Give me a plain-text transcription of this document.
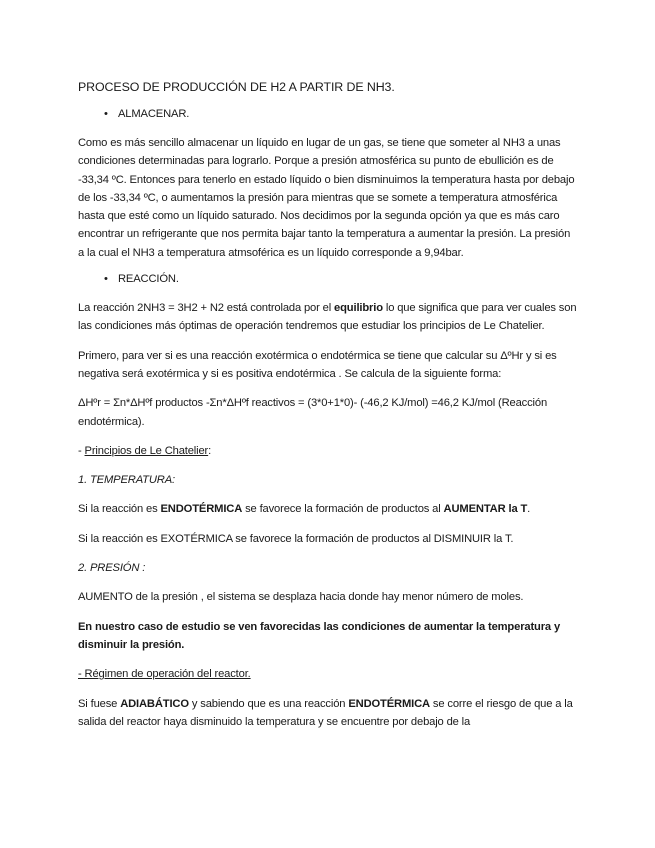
PROCESO DE PRODUCCIÓN DE H2 A PARTIR DE NH3.
• ALMACENAR.

Como es más sencillo almacenar un líquido en lugar de un gas, se tiene que someter al NH3 a unas condiciones determinadas para lograrlo. Porque a presión atmosférica su punto de ebullición es de -33,34 ºC. Entonces para tenerlo en estado líquido o bien disminuimos la temperatura hasta por debajo de los -33,34 ºC, o aumentamos la presión para mientras que se somete a temperatura atmosférica hasta que esté como un líquido saturado. Nos decidimos por la segunda opción ya que es más caro encontrar un refrigerante que nos permita bajar tanto la temperatura a aumentar la presión. La presión a la cual el NH3 a temperatura atmsoférica es un líquido corresponde a 9,94bar.

• REACCIÓN.

La reacción 2NH3 = 3H2 + N2 está controlada por el equilibrio lo que significa que para ver cuales son las condiciones más óptimas de operación tendremos que estudiar los principios de Le Chatelier.

Primero, para ver si es una reacción exotérmica o endotérmica se tiene que calcular su ΔºHr y si es negativa será exotérmica y si es positiva endotérmica . Se calcula de la siguiente forma:

ΔHºr = Σn*ΔHºf productos -Σn*ΔHºf reactivos = (3*0+1*0)- (-46,2 KJ/mol) =46,2 KJ/mol (Reacción endotérmica).

- Principios de Le Chatelier:

1. TEMPERATURA:

Si la reacción es ENDOTÉRMICA se favorece la formación de productos al AUMENTAR la T.

Si la reacción es EXOTÉRMICA se favorece la formación de productos al DISMINUIR la T.

2. PRESIÓN :

AUMENTO de la presión , el sistema se desplaza hacia donde hay menor número de moles.

En nuestro caso de estudio se ven favorecidas las condiciones de aumentar la temperatura y disminuir la presión.

- Régimen de operación del reactor.

Si fuese ADIABÁTICO y sabiendo que es una reacción ENDOTÉRMICA se corre el riesgo de que a la salida del reactor haya disminuido la temperatura y se encuentre por debajo de la
